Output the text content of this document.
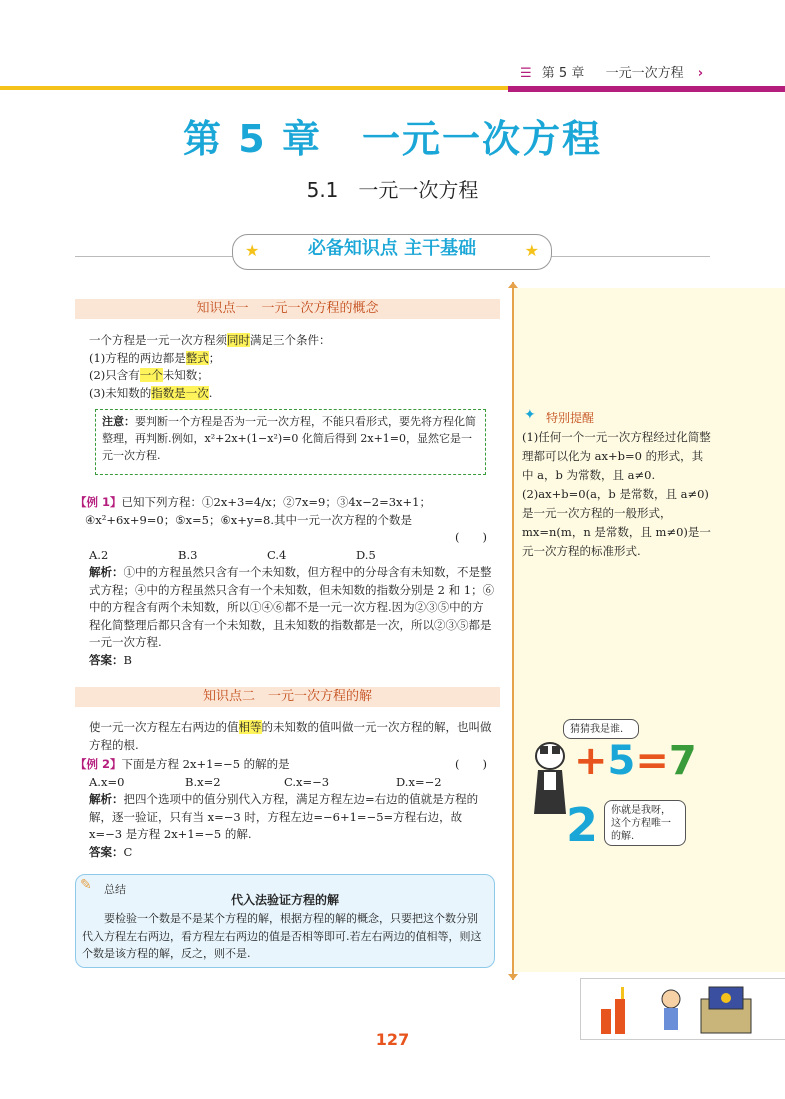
☰ 第 5 章 　 一元一次方程 ›
第 5 章　一元一次方程
5.1　一元一次方程
★	必备知识点 主干基础	★
知识点一　一元一次方程的概念
一个方程是一元一次方程须同时满足三个条件：
(1)方程的两边都是整式；
(2)只含有一个未知数；
(3)未知数的指数是一次.
注意：要判断一个方程是否为一元一次方程，不能只看形式，要先将方程化简整理，再判断.例如，x²+2x+(1−x²)=0 化简后得到 2x+1=0，显然它是一元一次方程.
【例 1】已知下列方程：①2x+3=4/x；②7x=9；③4x−2=3x+1；
④x²+6x+9=0；⑤x=5；⑥x+y=8.其中一元一次方程的个数是
(　　)
A.2	B.3	C.4	D.5
解析：①中的方程虽然只含有一个未知数，但方程中的分母含有未知数，不是整式方程；④中的方程虽然只含有一个未知数，但未知数的指数分别是 2 和 1；⑥中的方程含有两个未知数，所以①④⑥都不是一元一次方程.因为②③⑤中的方程化简整理后都只含有一个未知数，且未知数的指数都是一次，所以②③⑤都是一元一次方程.
答案：B
知识点二　一元一次方程的解
使一元一次方程左右两边的值相等的未知数的值叫做一元一次方程的解，也叫做方程的根.
【例 2】下面是方程 2x+1=−5 的解的是	(　　)
A.x=0	B.x=2	C.x=−3	D.x=−2
解析：把四个选项中的值分别代入方程，满足方程左边=右边的值就是方程的解，逐一验证，只有当 x=−3 时，方程左边=−6+1=−5=方程右边，故 x=−3 是方程 2x+1=−5 的解.
答案：C
✎ 总结
代入法验证方程的解
要检验一个数是不是某个方程的解，根据方程的解的概念，只要把这个数分别代入方程左右两边，看方程左右两边的值是否相等即可.若左右两边的值相等，则这个数是该方程的解，反之，则不是.
✦ 特别提醒
(1)任何一个一元一次方程经过化简整理都可以化为 ax+b=0 的形式，其中 a，b 为常数，且 a≠0.
(2)ax+b=0(a，b 是常数，且 a≠0)是一元一次方程的一般形式，mx=n(m，n 是常数，且 m≠0)是一元一次方程的标准形式.
猜猜我是谁.
+5=7
2	你就是我呀，这个方程唯一的解.
127
